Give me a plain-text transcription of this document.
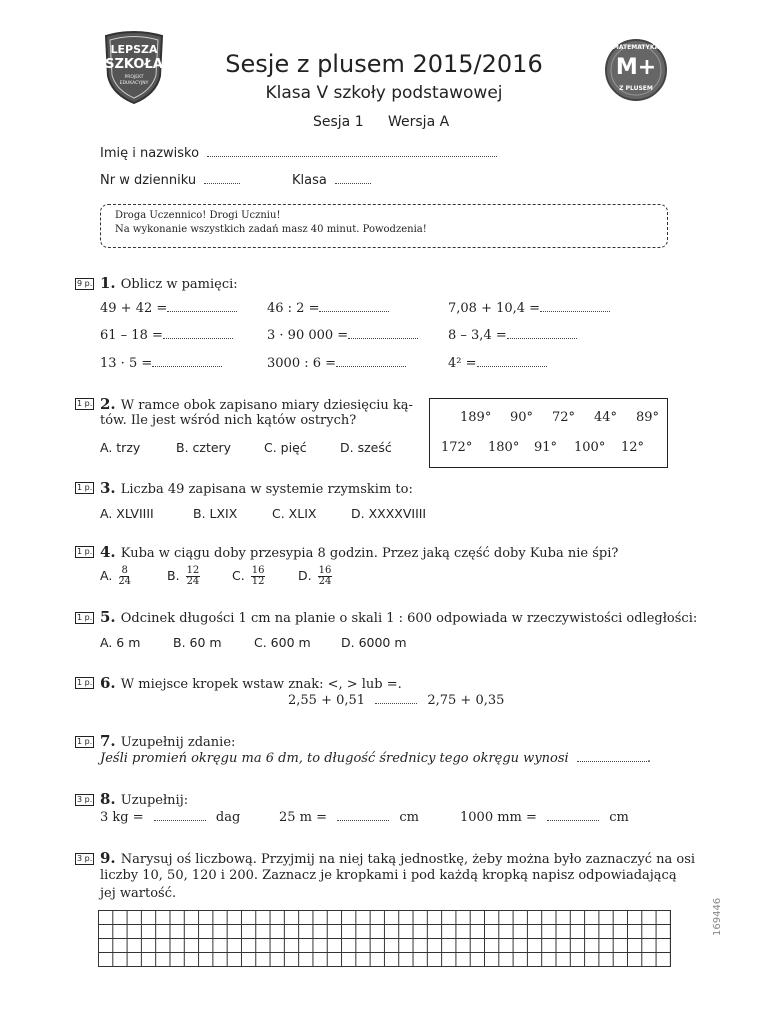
LEPSZA
SZKOŁA
PROJEKT EDUKACYJNY
Sesje z plusem 2015/2016
Klasa V szkoły podstawowej
Sesja 1 Wersja A
MATEMATYKA
M+
Z PLUSEM
Imię i nazwisko
Nr w dzienniku	Klasa
Droga Uczennico! Drogi Uczniu!
Na wykonanie wszystkich zadań masz 40 minut. Powodzenia!
9 p. 1. Oblicz w pamięci:
49 + 42 =	46 : 2 =	7,08 + 10,4 =
61 – 18 =	3 · 90 000 =	8 – 3,4 =
13 · 5 =	3000 : 6 =	4² =
1 p. 2. W ramce obok zapisano miary dziesięciu ką-
tów. Ile jest wśród nich kątów ostrych?
A. trzy	B. cztery	C. pięć	D. sześć
189° 90° 72° 44° 89°
172° 180° 91° 100° 12°
1 p. 3. Liczba 49 zapisana w systemie rzymskim to:
A. XLVIIII	B. LXIX	C. XLIX	D. XXXXVIIII
1 p. 4. Kuba w ciągu doby przesypia 8 godzin. Przez jaką część doby Kuba nie śpi?
A. $\frac{8}{24}$	B. $\frac{12}{24}$	C. $\frac{16}{12}$	D. $\frac{16}{24}$
1 p. 5. Odcinek długości 1 cm na planie o skali 1 : 600 odpowiada w rzeczywistości odległości:
A. 6 m	B. 60 m	C. 600 m D. 6000 m
1 p. 6. W miejsce kropek wstaw znak: <, > lub =.
2,55 + 0,51	2,75 + 0,35
1 p. 7. Uzupełnij zdanie:
Jeśli promień okręgu ma 6 dm, to długość średnicy tego okręgu wynosi	.
3 p. 8. Uzupełnij:
3 kg =	dag	25 m =	cm	1000 mm =	cm
3 p. 9. Narysuj oś liczbową. Przyjmij na niej taką jednostkę, żeby można było zaznaczyć na osi
liczby 10, 50, 120 i 200. Zaznacz je kropkami i pod każdą kropką napisz odpowiadającą
jej wartość.
169446
